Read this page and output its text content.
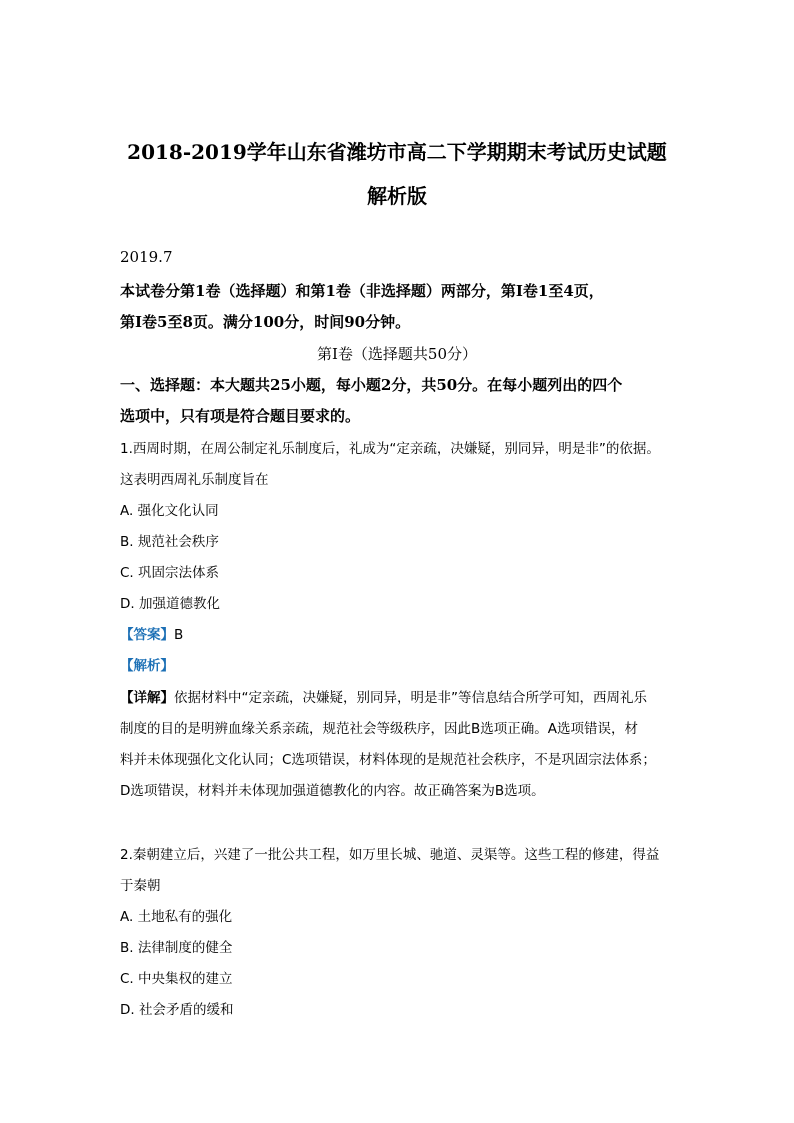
2018-2019学年山东省潍坊市高二下学期期末考试历史试题
解析版
2019.7
本试卷分第1卷（选择题）和第1卷（非选择题）两部分，第Ⅰ卷1至4页，
第Ⅰ卷5至8页。满分100分，时间90分钟。
第Ⅰ卷（选择题共50分）
一、选择题：本大题共25小题，每小题2分，共50分。在每小题列出的四个
选项中，只有项是符合题目要求的。
1.西周时期，在周公制定礼乐制度后，礼成为“定亲疏，决嫌疑，别同异，明是非”的依据。
这表明西周礼乐制度旨在
A. 强化文化认同
B. 规范社会秩序
C. 巩固宗法体系
D. 加强道德教化
【答案】B
【解析】
【详解】依据材料中“定亲疏，决嫌疑，别同异，明是非”等信息结合所学可知，西周礼乐
制度的目的是明辨血缘关系亲疏，规范社会等级秩序，因此B选项正确。A选项错误，材
料并未体现强化文化认同；C选项错误，材料体现的是规范社会秩序，不是巩固宗法体系；
D选项错误，材料并未体现加强道德教化的内容。故正确答案为B选项。
2.秦朝建立后，兴建了一批公共工程，如万里长城、驰道、灵渠等。这些工程的修建，得益
于秦朝
A. 土地私有的强化
B. 法律制度的健全
C. 中央集权的建立
D. 社会矛盾的缓和
